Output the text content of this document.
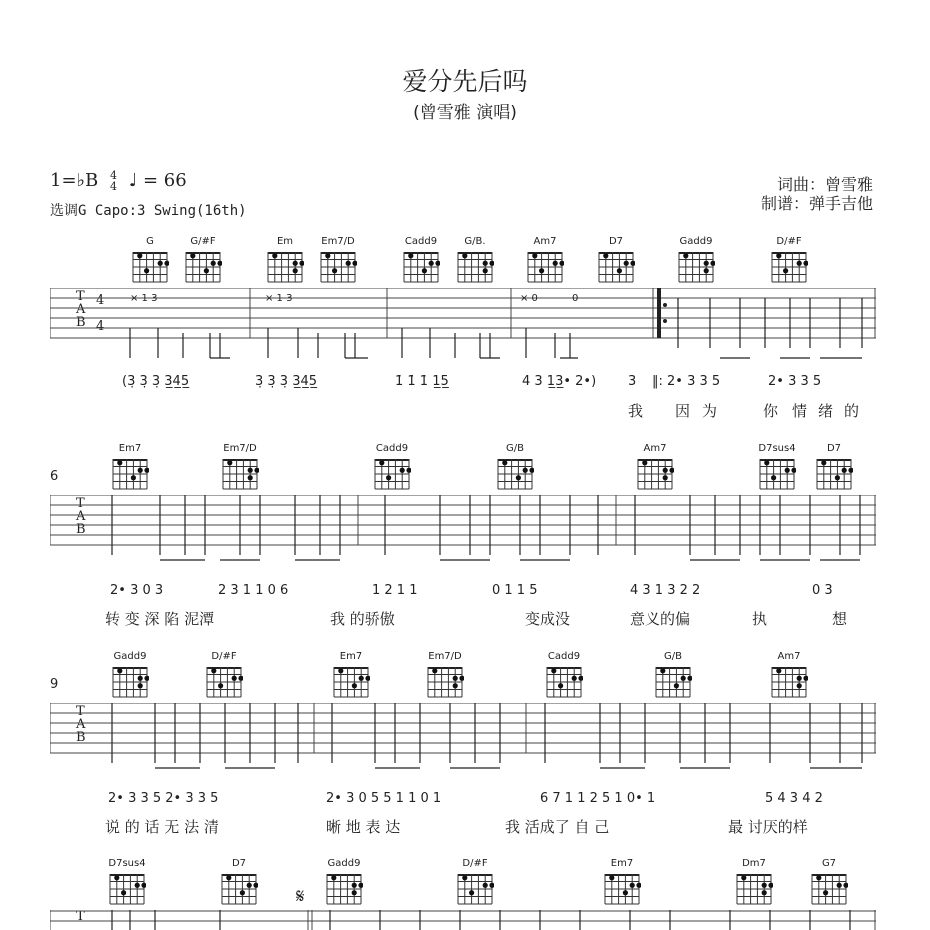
爱分先后吗
(曾雪雅 演唱)
1=♭B 4
4 ♩ = 66
选调G Capo:3 Swing(16th)
词曲：曾雪雅
制谱：弹手吉他
G	G/#F	Em	Em7/D	Cadd9	G/B.	Am7	D7	Gadd9	D/#F
T
A
B
4

4
× 1 3	× 1 3	× 0	0
(3̣ 3̣ 3̣ 3̲4̲5̲	3̣ 3̣ 3̣ 3̲4̲5̲	1̇ 1̇ 1̇ 1̲5̲	4 3 1̲3̲• 2•) 3 ‖: 2• 3 3 5	2• 3 3 5
我 因 为	你 情 绪 的
6
Em7	Em7/D	Cadd9	G/B	Am7	D7sus4	D7
T
A
B
2• 3 0 3	2 3 1 1 0 6	1 2 1 1	0 1 1 5	4 3 1 3 2 2	0 3
转 变 深 陷 泥潭	我 的骄傲	变成没	意义的偏	执	想
9
Gadd9	D/#F	Em7	Em7/D	Cadd9	G/B	Am7
T
A
B
2• 3 3 5 2• 3 3 5	2• 3 0 5 5 1 1 0 1	6 7 1 1 2 5 1 0• 1	5 4 3 4 2
说 的 话 无 法 清	晰 地 表 达	我 活成了 自 己	最 讨厌的样
D7sus4	D7
𝄋
Gadd9	D/#F	Em7	Dm7	G7
T
